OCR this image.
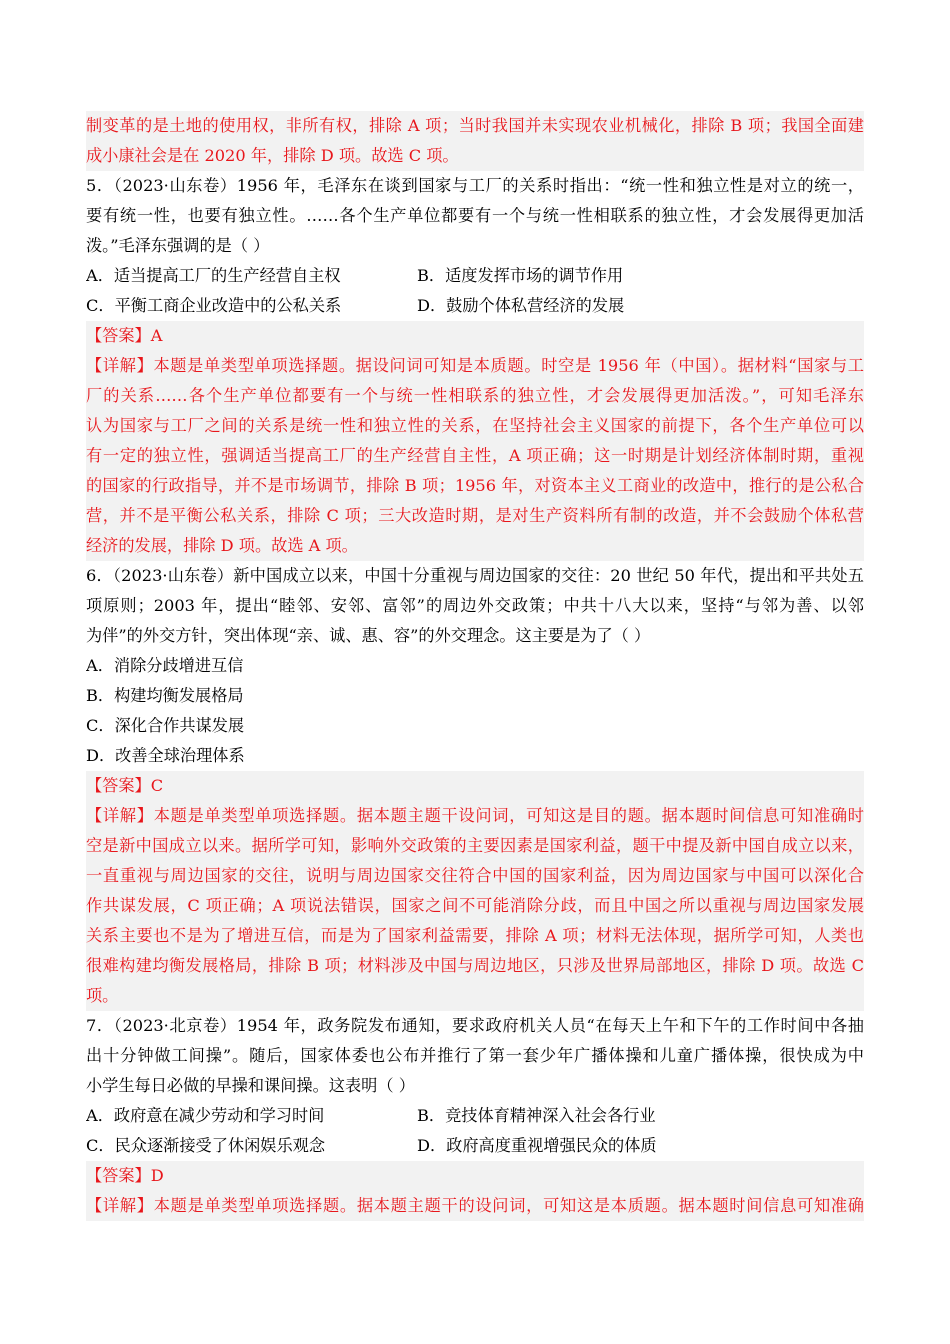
制变革的是土地的使用权，非所有权，排除 A 项；当时我国并未实现农业机械化，排除 B 项；我国全面建
成小康社会是在 2020 年，排除 D 项。故选 C 项。
5．（2023·山东卷）1956 年，毛泽东在谈到国家与工厂的关系时指出：“统一性和独立性是对立的统一，
要有统一性，也要有独立性。……各个生产单位都要有一个与统一性相联系的独立性，才会发展得更加活
泼。”毛泽东强调的是（ ）
A．适当提高工厂的生产经营自主权	B．适度发挥市场的调节作用
C．平衡工商企业改造中的公私关系	D．鼓励个体私营经济的发展
【答案】A
【详解】本题是单类型单项选择题。据设问词可知是本质题。时空是 1956 年（中国）。据材料“国家与工
厂的关系……各个生产单位都要有一个与统一性相联系的独立性，才会发展得更加活泼。”，可知毛泽东
认为国家与工厂之间的关系是统一性和独立性的关系，在坚持社会主义国家的前提下，各个生产单位可以
有一定的独立性，强调适当提高工厂的生产经营自主性，A 项正确；这一时期是计划经济体制时期，重视
的国家的行政指导，并不是市场调节，排除 B 项；1956 年，对资本主义工商业的改造中，推行的是公私合
营，并不是平衡公私关系，排除 C 项；三大改造时期，是对生产资料所有制的改造，并不会鼓励个体私营
经济的发展，排除 D 项。故选 A 项。
6．（2023·山东卷）新中国成立以来，中国十分重视与周边国家的交往：20 世纪 50 年代，提出和平共处五
项原则；2003 年，提出“睦邻、安邻、富邻”的周边外交政策；中共十八大以来，坚持“与邻为善、以邻
为伴”的外交方针，突出体现“亲、诚、惠、容”的外交理念。这主要是为了（ ）
A．消除分歧增进互信
B．构建均衡发展格局
C．深化合作共谋发展
D．改善全球治理体系
【答案】C
【详解】本题是单类型单项选择题。据本题主题干设问词，可知这是目的题。据本题时间信息可知准确时
空是新中国成立以来。据所学可知，影响外交政策的主要因素是国家利益，题干中提及新中国自成立以来，
一直重视与周边国家的交往，说明与周边国家交往符合中国的国家利益，因为周边国家与中国可以深化合
作共谋发展，C 项正确；A 项说法错误，国家之间不可能消除分歧，而且中国之所以重视与周边国家发展
关系主要也不是为了增进互信，而是为了国家利益需要，排除 A 项；材料无法体现，据所学可知，人类也
很难构建均衡发展格局，排除 B 项；材料涉及中国与周边地区，只涉及世界局部地区，排除 D 项。故选 C
项。
7．（2023·北京卷）1954 年，政务院发布通知，要求政府机关人员“在每天上午和下午的工作时间中各抽
出十分钟做工间操”。随后，国家体委也公布并推行了第一套少年广播体操和儿童广播体操，很快成为中
小学生每日必做的早操和课间操。这表明（ ）
A．政府意在减少劳动和学习时间	B．竞技体育精神深入社会各行业
C．民众逐渐接受了休闲娱乐观念	D．政府高度重视增强民众的体质
【答案】D
【详解】本题是单类型单项选择题。据本题主题干的设问词，可知这是本质题。据本题时间信息可知准确
